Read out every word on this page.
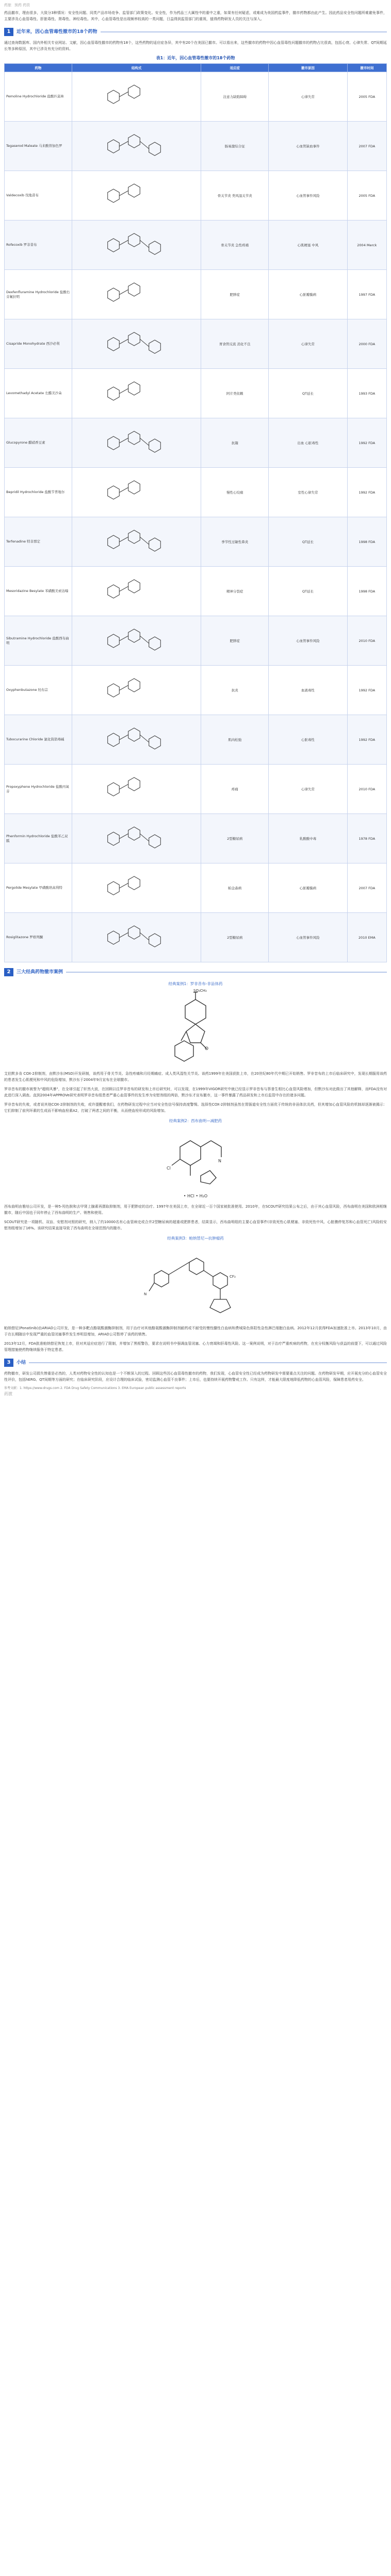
药旅 预药 药资

药品撤市，理由很多，大致分3种情况：安全性问题、同类产品市场竞争、监管部门政策变化。安全性，作为药品三大属性中的重中之重，如果有任何疑虑，或难成为美国药监事件，撤市药物都由此产生。因此药品安全性问题所难避免事件，主要涉及心血管毒性、肝脏毒性、肾毒性、神经毒性。其中，心血管毒性是出现频率较高的一类问题，日益得到监管部门的重视，值得药物研发人员的关注与深入。

1	近年来，因心血管毒性撤市的18个药物

通过查询数据库、国内外相关专业网站、文献，因心血管毒性撤市的药物有18个，这些药物的适应症各异，其中有20个在美国已撤市。可以看出来，这些撤市的药物中因心血管毒性问题撤市的药物占比很高，包括心衰、心律失常、QT间期延长等多种原因，其中已涉及有充分的资料。

表1：近年，因心血管毒性撤市的18个药物
药物	结构式	适应症	撤市原因	撤市时间
Pemoline Hydrochloride 盐酸匹莫林		注意力缺陷障碍	心律失常	2005 FDA
Tegaserod Maleate 马来酸替加色罗		肠易激综合征	心血管缺血事件	2007 FDA
Valdecoxib 伐地昔布		骨关节炎 类风湿关节炎	心血管事件风险	2005 FDA
Rofecoxib 罗非昔布		骨关节炎 急性疼痛	心肌梗塞 中风	2004 Merck
Dexfenfluramine Hydrochloride 盐酸右芬氟拉明		肥胖症	心脏瓣膜病	1997 FDA
Cisapride Monohydrate 西沙必利		胃食管反流 消化不良	心律失常	2000 FDA
Levomethadyl Acetate 左醋美沙朵		阿片类依赖	QT延长	1993 FDA
Glucopyrone 醋硝香豆素		抗凝	出血 心脏毒性	1992 FDA
Bepridil Hydrochloride 盐酸苄普地尔		慢性心绞痛	室性心律失常	1992 FDA
Terfenadine 特非那定		季节性过敏性鼻炎	QT延长	1998 FDA
Mesoridazine Besylate 苯磺酸美索达嗪		精神分裂症	QT延长	1998 FDA
Sibutramine Hydrochloride 盐酸西布曲明		肥胖症	心血管事件风险	2010 FDA
Oxyphenbutazone 羟布宗		抗炎	血液毒性	1992 FDA
Tubocurarine Chloride 氯化筒箭毒碱		肌肉松弛	心脏毒性	1992 FDA
Propoxyphene Hydrochloride 盐酸丙氧芬		疼痛	心律失常	2010 FDA
Phenformin Hydrochloride 盐酸苯乙双胍		2型糖尿病	乳酸酸中毒	1978 FDA
Pergolide Mesylate 甲磺酸培高利特		帕金森病	心脏瓣膜病	2007 FDA
Rosiglitazone 罗格列酮		2型糖尿病	心血管事件风险	2010 EMA
2	三大经典药物撤市案例
经典案例1：罗非昔布-非甾体药
O
SO₂CH₃

艾伯默多肯 COX-2抑制剂，由默沙东(MSD)开发研制，该药用于骨关节炎、急性疼痛和月经期痛症、成人类风湿性关节炎。该药1999年在美国获批上市，在20世纪80年代中期已开始销售。罗非昔布的上市后临床研究中，发现长期服用该药的患者发生心肌梗死和中风的危险增加，默沙东于2004年9月宣布在全球撤市。

罗非昔布的撤市被誉为"超级风暴"，在全球引起了轩然大波，在回顾以往罗非昔布的研发和上市后研究时，可以发现，在1999年VIGOR研究中就已经显示罗非昔布与萘普生相比心血管风险增加，但默沙东对此做出了其他解释，而FDA没有对此进行深入调查。直到2004年APPROVe研究表明罗非昔布组患者严重心血管事件的发生率为安慰剂组的两倍，默沙东才宣布撤市，这一事件暴露了药品研发和上市后监管中存在的诸多问题。

罗非昔布的失败，或者说其他COX-2抑制剂的失败，或许提醒着我们，在药物研发过程中应当对安全性信号保持高度警惕。选择性COX-2抑制剂虽然在胃肠道安全性方面优于传统的非甾体抗炎药，但其增加心血管风险的机制却逐渐被揭示：它们抑制了前列环素的生成而不影响血栓素A2，打破了两者之间的平衡，从而使血栓形成的风险增加。

经典案例2：西布曲明—减肥药
Cl
N
• HCl • H₂O

西布曲明由雅培公司开发，是一种5-羟色胺和去甲肾上腺素再摄取抑制剂，用于肥胖症的治疗。1997年在美国上市，在全球近一百个国家被批准使用。2010年，在SCOUT研究结果公布之后，由于其心血管风险，西布曲明在美国和欧洲相继撤市，随后中国也于同年停止了西布曲明的生产、销售和使用。

SCOUT研究是一项随机、双盲、安慰剂对照的研究，纳入了约10000名有心血管病史或合并2型糖尿病的超重或肥胖患者，结果显示，西布曲明组的主要心血管事件(非致死性心肌梗塞、非致死性中风、心脏骤停复苏和心血管死亡)风险较安慰剂组增加了16%。该研究结果直接导致了西布曲明在全球范围内的撤市。

经典案例3：帕纳替尼—抗肿瘤药
N
CF₃

帕纳替尼(Ponatinib)由ARIAD公司开发，是一种多靶点酪氨酸激酶抑制剂，用于治疗对其他酪氨酸激酶抑制剂耐药或不耐受的慢性髓性白血病和费城染色体阳性急性淋巴细胞白血病。2012年12月获得FDA加速批准上市。2013年10月，由于在长期随访中发现严重的血管闭塞事件发生率明显增加，ARIAD公司暂停了该药的销售。

2013年12月，FDA批准帕纳替尼恢复上市，但对其适应症进行了限制，并增加了黑框警告，要求在说明书中强调血管闭塞、心力衰竭和肝毒性风险。这一案例说明，对于治疗严重疾病的药物，在充分权衡风险与获益的前提下，可以通过风险管理措施使药物继续服务于特定患者。

3	小结

药物撤市，研发公司损失惨重是必然的，人类对药物安全性的认知也是一个不断深入的过程。回顾这些因心血管毒性撤市的药物，我们发现，心血管安全性已经成为药物研发中需要重点关注的问题。在药物研发早期，应开展充分的心血管安全性评价，包括hERG、QT间期等方面的研究；在临床研究阶段，应设计合理的临床试验，密切监测心血管不良事件；上市后，也要持续开展药物警戒工作。只有这样，才能最大限度地降低药物的心血管风险，保障患者用药安全。

参考文献：1. https://www.drugs.com 2. FDA Drug Safety Communications 3. EMA European public assessment reports

药渡
